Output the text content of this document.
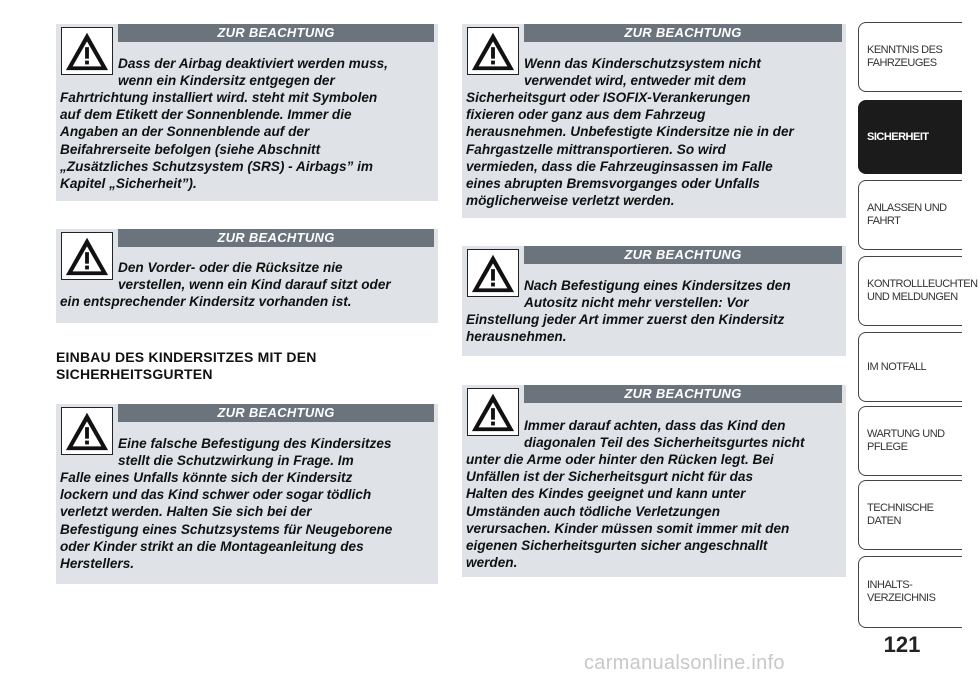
ZUR BEACHTUNG
Dass der Airbag deaktiviert werden muss,
wenn ein Kindersitz entgegen der
Fahrtrichtung installiert wird. steht mit Symbolen
auf dem Etikett der Sonnenblende. Immer die
Angaben an der Sonnenblende auf der
Beifahrerseite befolgen (siehe Abschnitt
„Zusätzliches Schutzsystem (SRS) - Airbags” im
Kapitel „Sicherheit”).
ZUR BEACHTUNG
Den Vorder- oder die Rücksitze nie
verstellen, wenn ein Kind darauf sitzt oder
ein entsprechender Kindersitz vorhanden ist.
EINBAU DES KINDERSITZES MIT DEN
SICHERHEITSGURTEN
ZUR BEACHTUNG
Eine falsche Befestigung des Kindersitzes
stellt die Schutzwirkung in Frage. Im
Falle eines Unfalls könnte sich der Kindersitz
lockern und das Kind schwer oder sogar tödlich
verletzt werden. Halten Sie sich bei der
Befestigung eines Schutzsystems für Neugeborene
oder Kinder strikt an die Montageanleitung des
Herstellers.
ZUR BEACHTUNG
Wenn das Kinderschutzsystem nicht
verwendet wird, entweder mit dem
Sicherheitsgurt oder ISOFIX-Verankerungen
fixieren oder ganz aus dem Fahrzeug
herausnehmen. Unbefestigte Kindersitze nie in der
Fahrgastzelle mittransportieren. So wird
vermieden, dass die Fahrzeuginsassen im Falle
eines abrupten Bremsvorganges oder Unfalls
möglicherweise verletzt werden.
ZUR BEACHTUNG
Nach Befestigung eines Kindersitzes den
Autositz nicht mehr verstellen: Vor
Einstellung jeder Art immer zuerst den Kindersitz
herausnehmen.
ZUR BEACHTUNG
Immer darauf achten, dass das Kind den
diagonalen Teil des Sicherheitsgurtes nicht
unter die Arme oder hinter den Rücken legt. Bei
Unfällen ist der Sicherheitsgurt nicht für das
Halten des Kindes geeignet und kann unter
Umständen auch tödliche Verletzungen
verursachen. Kinder müssen somit immer mit den
eigenen Sicherheitsgurten sicher angeschnallt
werden.
KENNTNIS DES
FAHRZEUGES
SICHERHEIT
ANLASSEN UND
FAHRT
KONTROLLLEUCHTEN
UND MELDUNGEN
IM NOTFALL
WARTUNG UND
PFLEGE
TECHNISCHE DATEN
INHALTS-
VERZEICHNIS
121
carmanualsonline.info
